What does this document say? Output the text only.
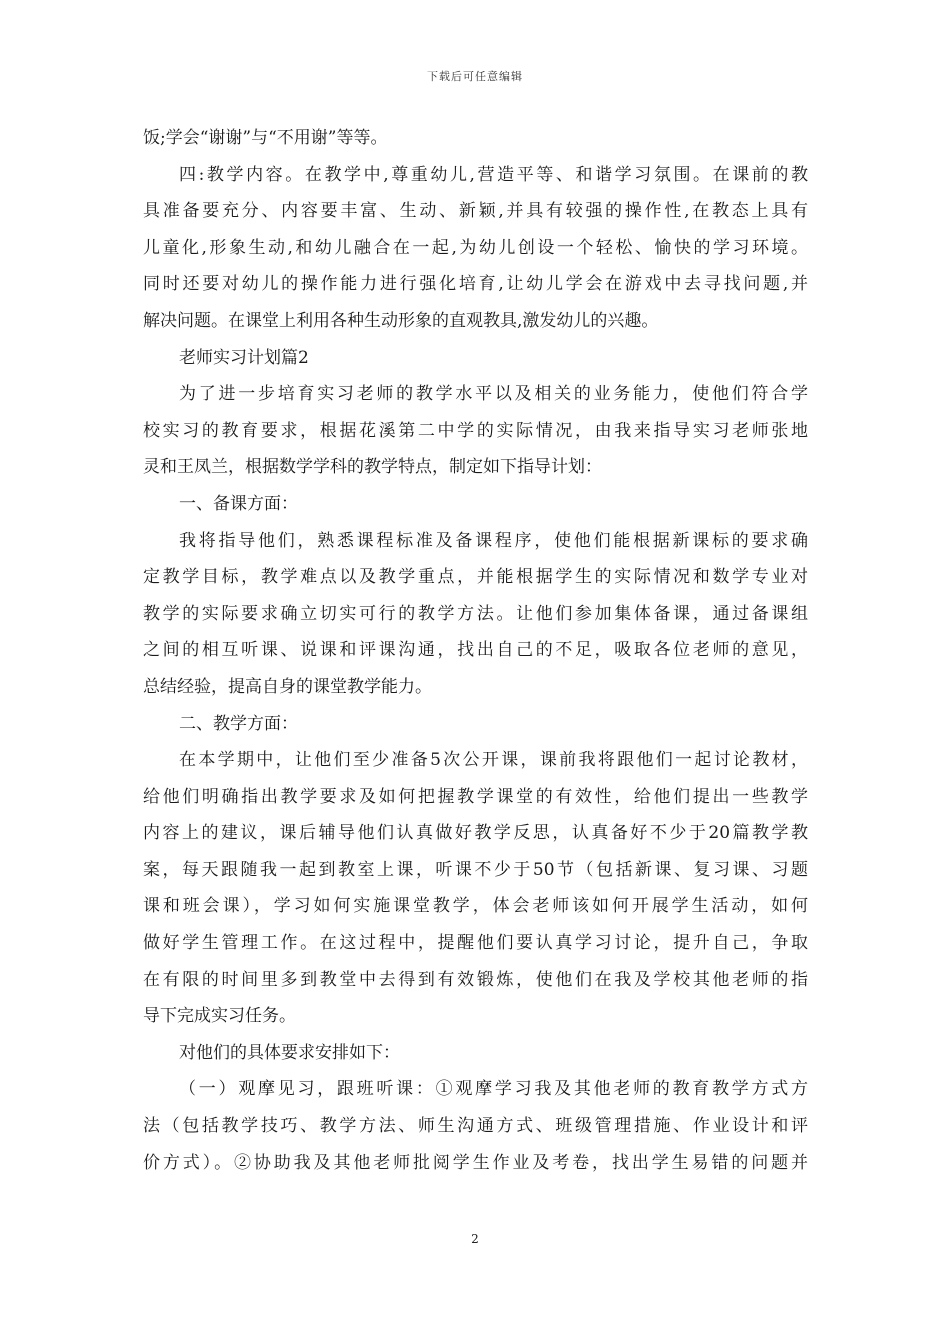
下载后可任意编辑
饭;学会“谢谢”与“不用谢”等等。
四:教学内容。在教学中,尊重幼儿,营造平等、和谐学习氛围。在课前的教
具准备要充分、内容要丰富、生动、新颖,并具有较强的操作性,在教态上具有
儿童化,形象生动,和幼儿融合在一起,为幼儿创设一个轻松、愉快的学习环境。
同时还要对幼儿的操作能力进行强化培育,让幼儿学会在游戏中去寻找问题,并
解决问题。在课堂上利用各种生动形象的直观教具,激发幼儿的兴趣。
老师实习计划篇2
为了进一步培育实习老师的教学水平以及相关的业务能力，使他们符合学
校实习的教育要求，根据花溪第二中学的实际情况，由我来指导实习老师张地
灵和王凤兰，根据数学学科的教学特点，制定如下指导计划：
一、备课方面：
我将指导他们，熟悉课程标准及备课程序，使他们能根据新课标的要求确
定教学目标，教学难点以及教学重点，并能根据学生的实际情况和数学专业对
教学的实际要求确立切实可行的教学方法。让他们参加集体备课，通过备课组
之间的相互听课、说课和评课沟通，找出自己的不足，吸取各位老师的意见，
总结经验，提高自身的课堂教学能力。
二、教学方面：
在本学期中，让他们至少准备5次公开课，课前我将跟他们一起讨论教材，
给他们明确指出教学要求及如何把握教学课堂的有效性，给他们提出一些教学
内容上的建议，课后辅导他们认真做好教学反思，认真备好不少于20篇教学教
案，每天跟随我一起到教室上课，听课不少于50节（包括新课、复习课、习题
课和班会课），学习如何实施课堂教学，体会老师该如何开展学生活动，如何
做好学生管理工作。在这过程中，提醒他们要认真学习讨论，提升自己，争取
在有限的时间里多到教堂中去得到有效锻炼，使他们在我及学校其他老师的指
导下完成实习任务。
对他们的具体要求安排如下：
（一）观摩见习，跟班听课：①观摩学习我及其他老师的教育教学方式方
法（包括教学技巧、教学方法、师生沟通方式、班级管理措施、作业设计和评
价方式）。②协助我及其他老师批阅学生作业及考卷，找出学生易错的问题并
2
